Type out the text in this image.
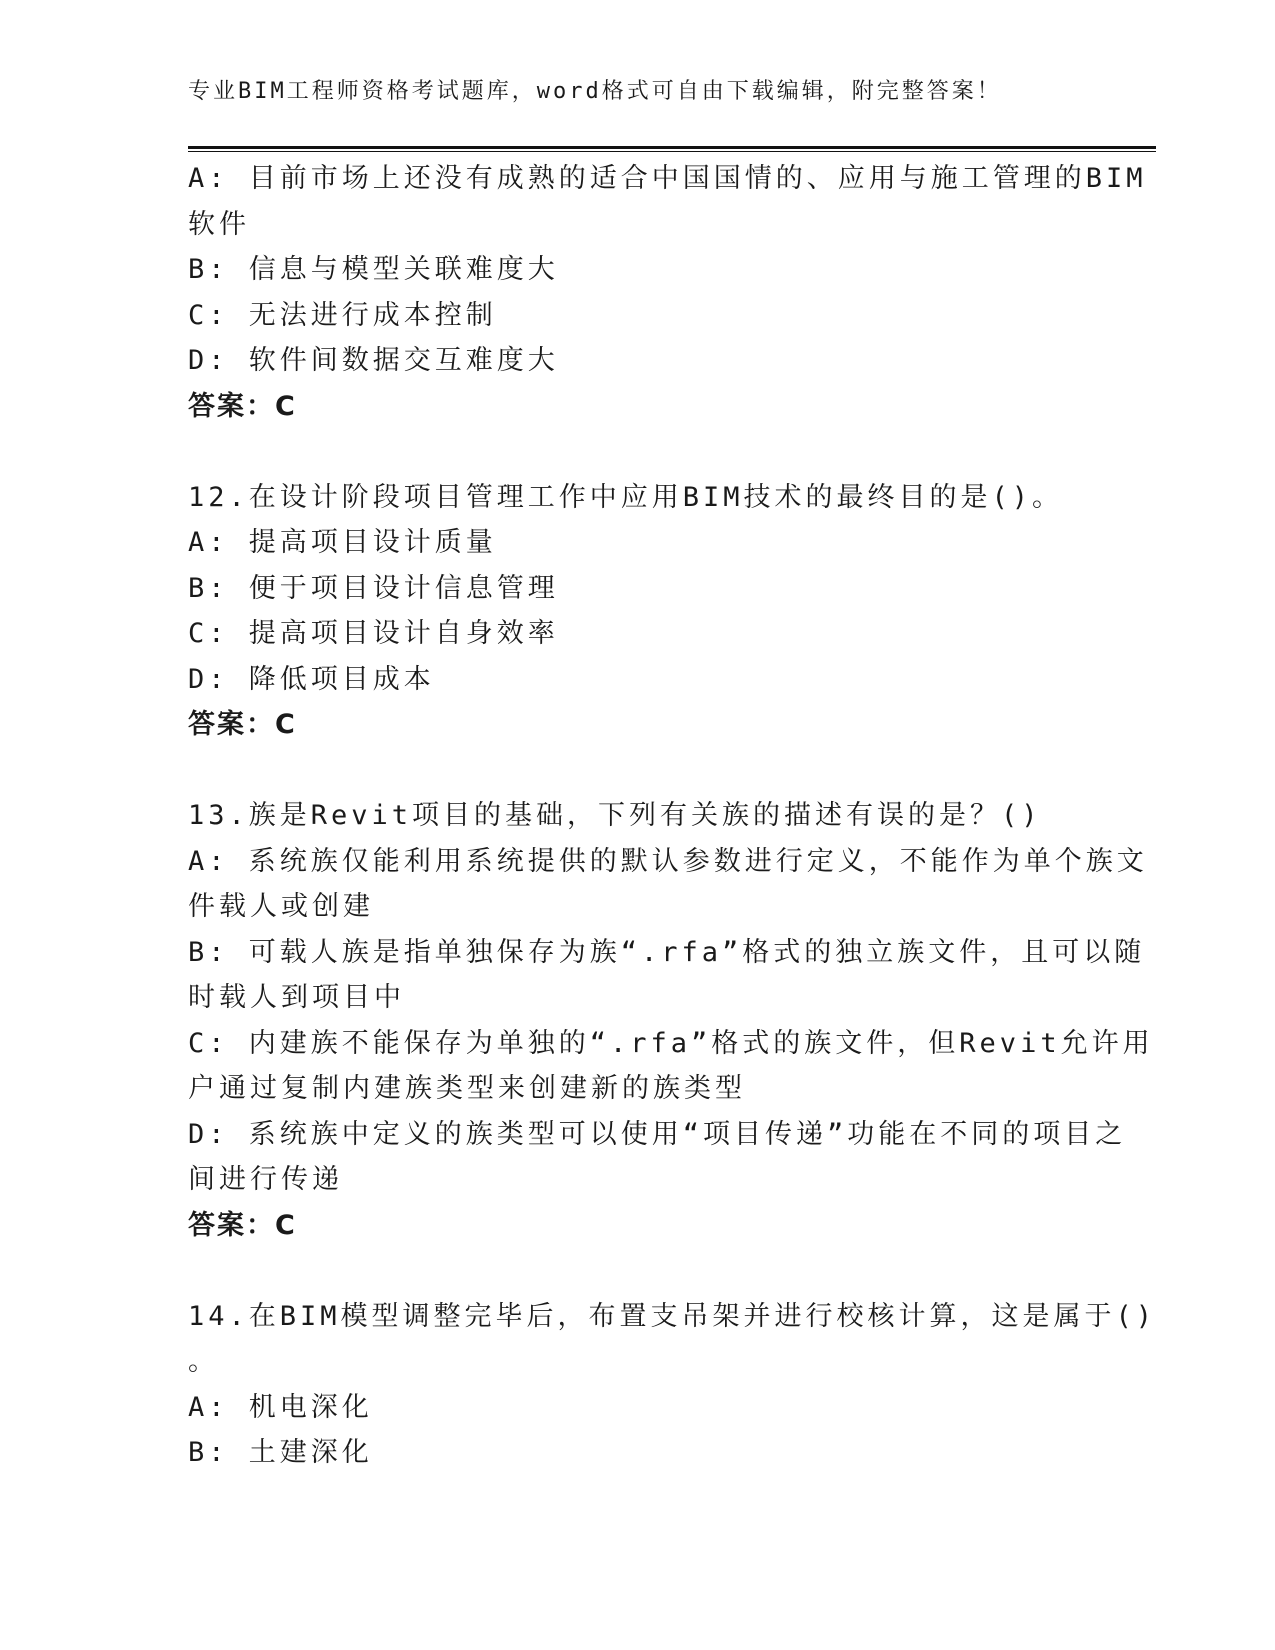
专业BIM工程师资格考试题库，word格式可自由下载编辑，附完整答案！
A: 目前市场上还没有成熟的适合中国国情的、应用与施工管理的BIM
软件
B: 信息与模型关联难度大
C: 无法进行成本控制
D: 软件间数据交互难度大
答案：C
12.在设计阶段项目管理工作中应用BIM技术的最终目的是()。
A: 提高项目设计质量
B: 便于项目设计信息管理
C: 提高项目设计自身效率
D: 降低项目成本
答案：C
13.族是Revit项目的基础，下列有关族的描述有误的是？()
A: 系统族仅能利用系统提供的默认参数进行定义，不能作为单个族文
件载人或创建
B: 可载人族是指单独保存为族“.rfa”格式的独立族文件，且可以随
时载人到项目中
C: 内建族不能保存为单独的“.rfa”格式的族文件，但Revit允许用
户通过复制内建族类型来创建新的族类型
D: 系统族中定义的族类型可以使用“项目传递”功能在不同的项目之
间进行传递
答案：C
14.在BIM模型调整完毕后，布置支吊架并进行校核计算，这是属于()
。
A: 机电深化
B: 土建深化
